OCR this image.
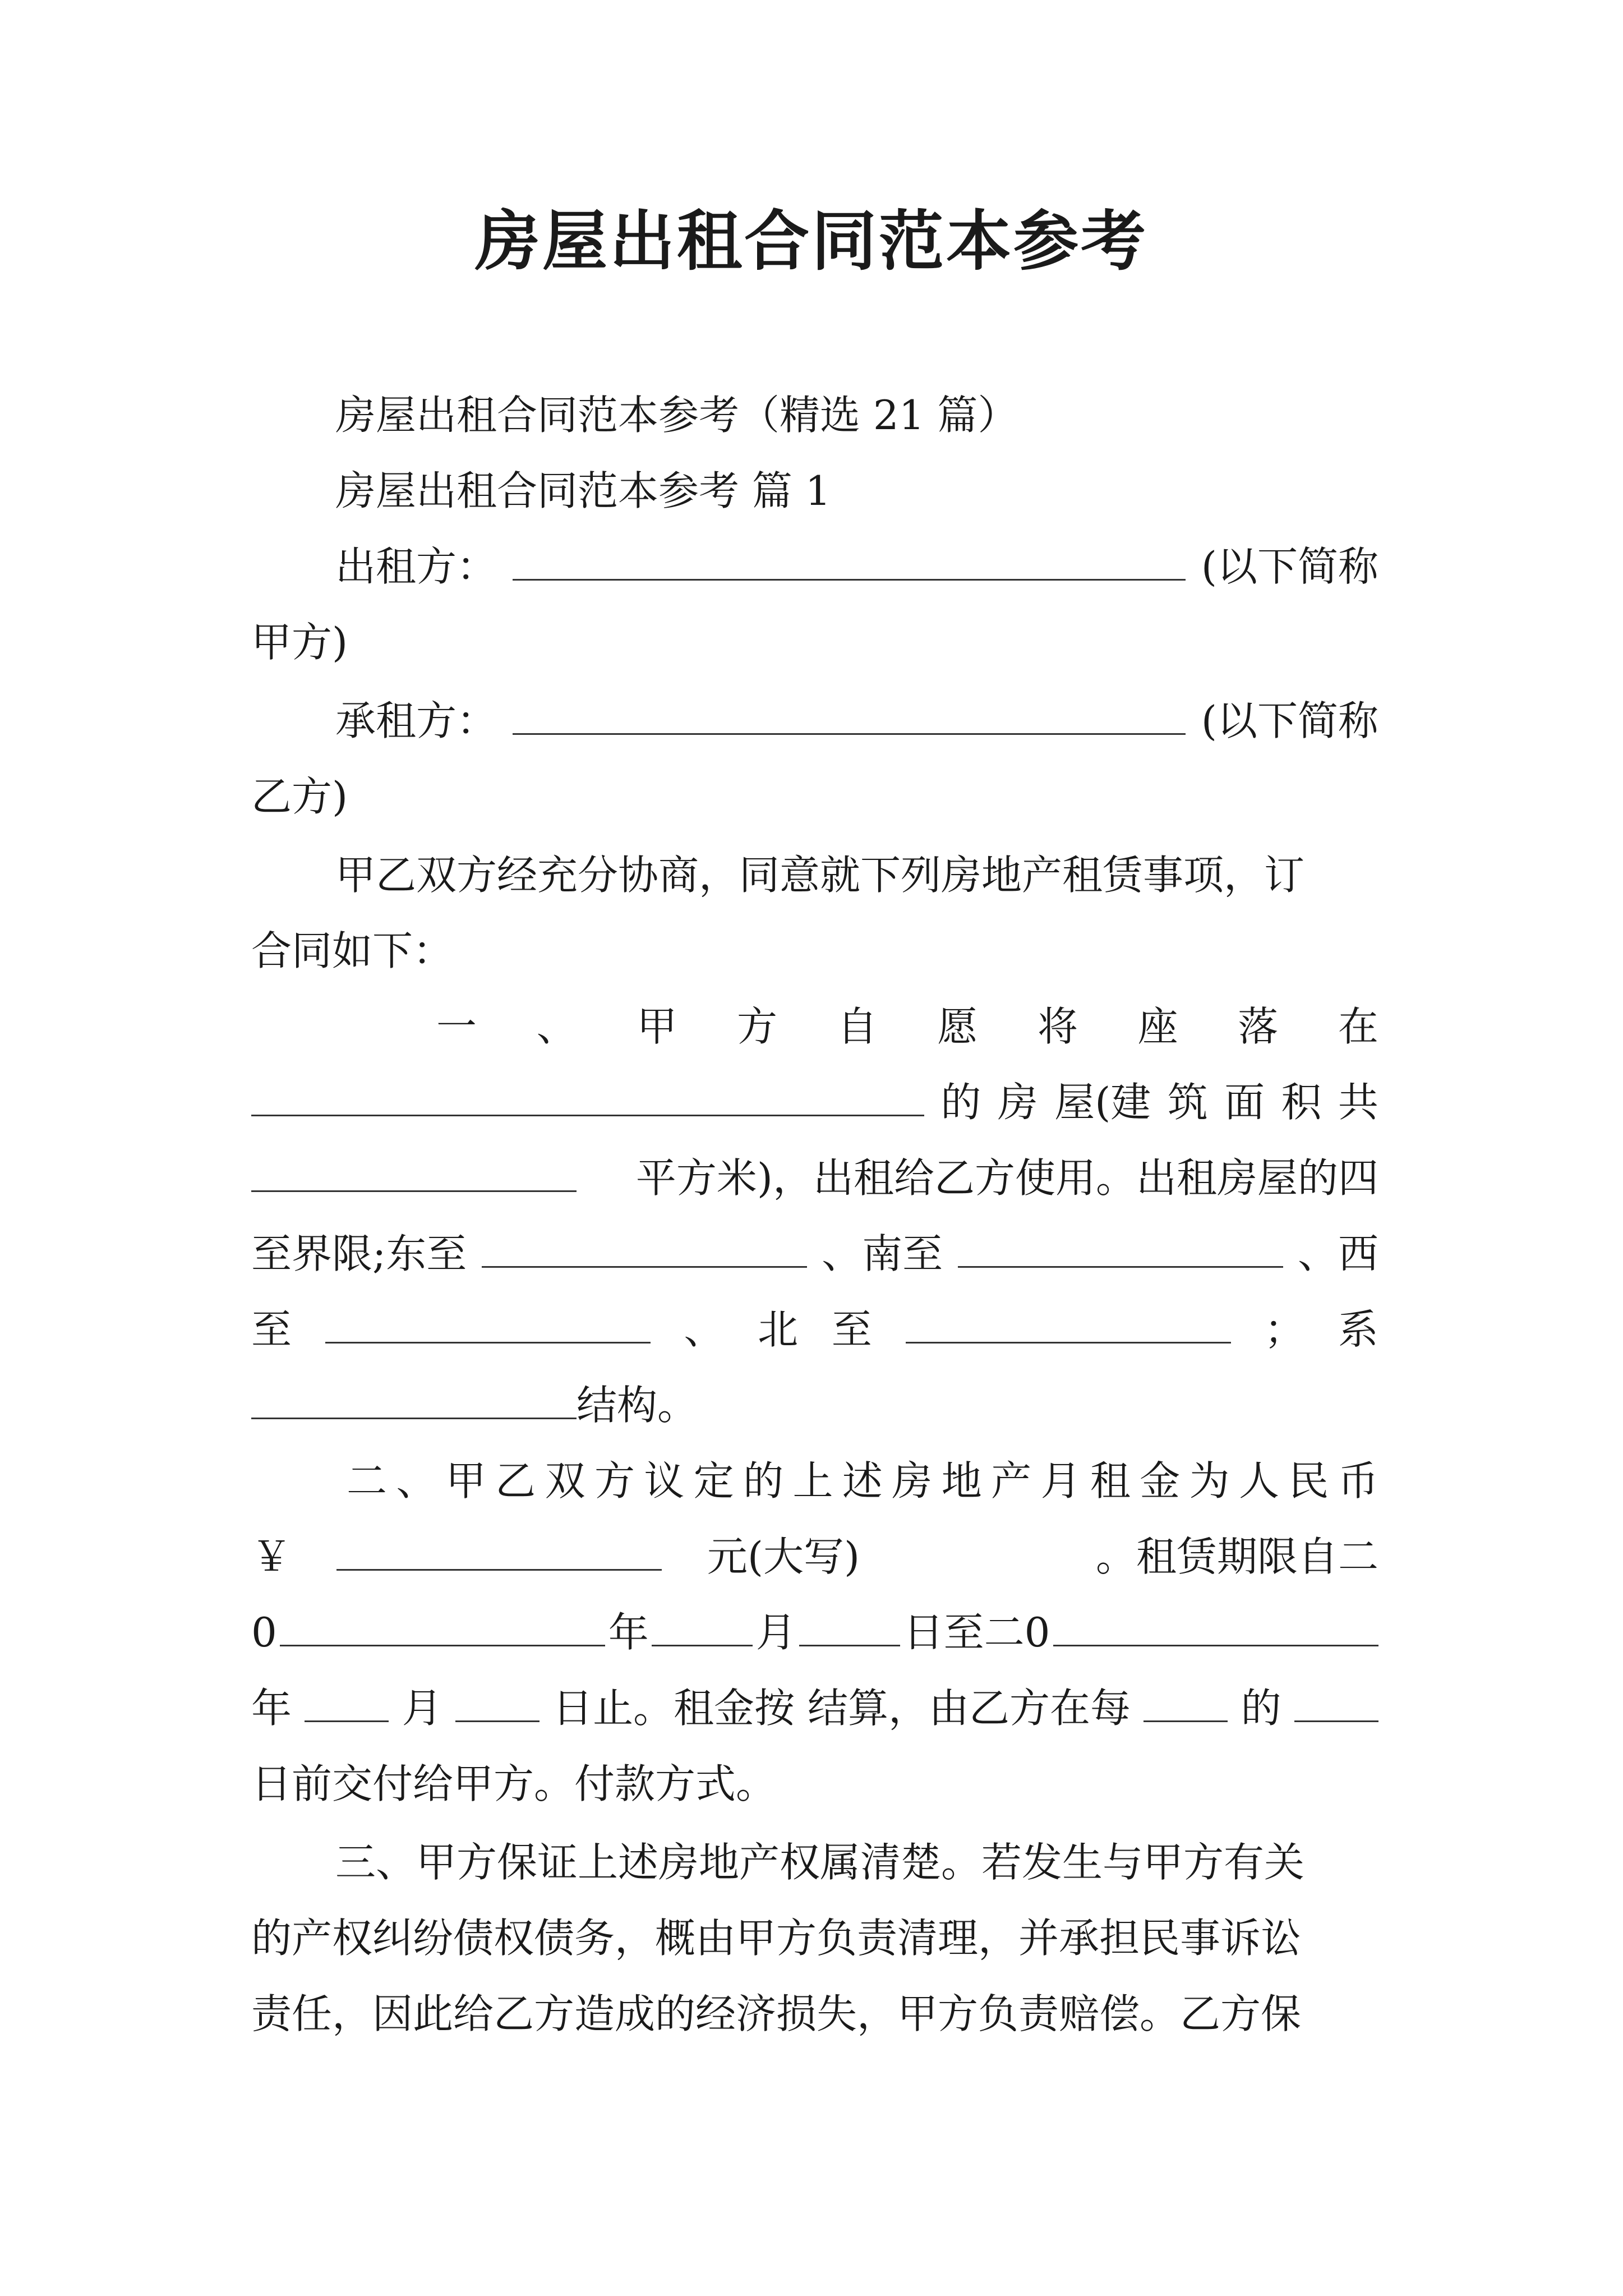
房屋出租合同范本参考
房屋出租合同范本参考（精选 21 篇）
房屋出租合同范本参考 篇 1
出租方：	(以下简称
甲方)
承租方：	(以下简称
乙方)
甲乙双方经充分协商，同意就下列房地产租赁事项，订
合同如下：
一 、 甲 方 自 愿 将 座 落 在
的 房 屋(建 筑 面 积 共
平方米)，出租给乙方使用。出租房屋的四
至界限;东至	、南至	、西
至	、 北 至	； 系
结构。
二 、 甲 乙 双 方 议 定 的 上 述 房 地 产 月 租 金 为 人 民 币
￥	元(大写)	。租赁期限自二
0	年	月	日至二0
年	月	日止。租金按 结算，由乙方在每	的
日前交付给甲方。付款方式。
三、甲方保证上述房地产权属清楚。若发生与甲方有关
的产权纠纷债权债务，概由甲方负责清理，并承担民事诉讼
责任，因此给乙方造成的经济损失，甲方负责赔偿。乙方保
